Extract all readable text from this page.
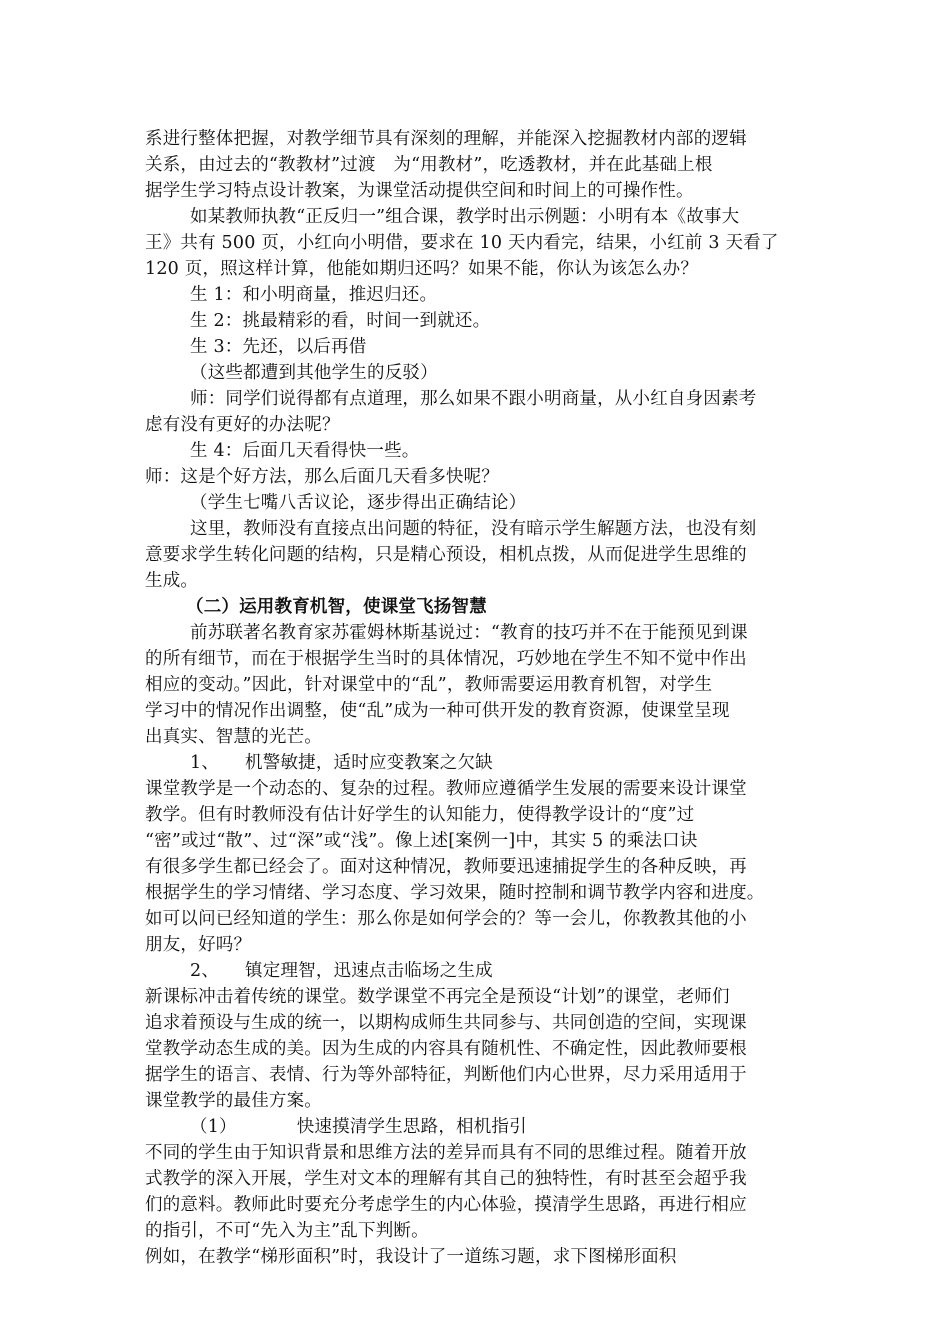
系进行整体把握，对教学细节具有深刻的理解，并能深入挖掘教材内部的逻辑
关系，由过去的“教教材”过渡　为“用教材”，吃透教材，并在此基础上根
据学生学习特点设计教案，为课堂活动提供空间和时间上的可操作性。
如某教师执教“正反归一”组合课，教学时出示例题：小明有本《故事大
王》共有 500 页，小红向小明借，要求在 10 天内看完，结果，小红前 3 天看了
120 页，照这样计算，他能如期归还吗？如果不能，你认为该怎么办？
生 1：和小明商量，推迟归还。
生 2：挑最精彩的看，时间一到就还。
生 3：先还，以后再借
（这些都遭到其他学生的反驳）
师：同学们说得都有点道理，那么如果不跟小明商量，从小红自身因素考
虑有没有更好的办法呢？
生 4：后面几天看得快一些。
师：这是个好方法，那么后面几天看多快呢？
（学生七嘴八舌议论，逐步得出正确结论）
这里，教师没有直接点出问题的特征，没有暗示学生解题方法，也没有刻
意要求学生转化问题的结构，只是精心预设，相机点拨，从而促进学生思维的
生成。
（二）运用教育机智，使课堂飞扬智慧
前苏联著名教育家苏霍姆林斯基说过：“教育的技巧并不在于能预见到课
的所有细节，而在于根据学生当时的具体情况，巧妙地在学生不知不觉中作出
相应的变动。”因此，针对课堂中的“乱”，教师需要运用教育机智，对学生
学习中的情况作出调整，使“乱”成为一种可供开发的教育资源，使课堂呈现
出真实、智慧的光芒。
1、 机警敏捷，适时应变教案之欠缺
课堂教学是一个动态的、复杂的过程。教师应遵循学生发展的需要来设计课堂
教学。但有时教师没有估计好学生的认知能力，使得教学设计的“度”过
“密”或过“散”、过“深”或“浅”。像上述[案例一]中，其实 5 的乘法口诀
有很多学生都已经会了。面对这种情况，教师要迅速捕捉学生的各种反映，再
根据学生的学习情绪、学习态度、学习效果，随时控制和调节教学内容和进度。
如可以问已经知道的学生：那么你是如何学会的？等一会儿，你教教其他的小
朋友，好吗？
2、 镇定理智，迅速点击临场之生成
新课标冲击着传统的课堂。数学课堂不再完全是预设“计划”的课堂，老师们
追求着预设与生成的统一，以期构成师生共同参与、共同创造的空间，实现课
堂教学动态生成的美。因为生成的内容具有随机性、不确定性，因此教师要根
据学生的语言、表情、行为等外部特征，判断他们内心世界，尽力采用适用于
课堂教学的最佳方案。
（1）	快速摸清学生思路，相机指引
不同的学生由于知识背景和思维方法的差异而具有不同的思维过程。随着开放
式教学的深入开展，学生对文本的理解有其自己的独特性，有时甚至会超乎我
们的意料。教师此时要充分考虑学生的内心体验，摸清学生思路，再进行相应
的指引，不可“先入为主”乱下判断。
例如，在教学“梯形面积”时，我设计了一道练习题，求下图梯形面积
